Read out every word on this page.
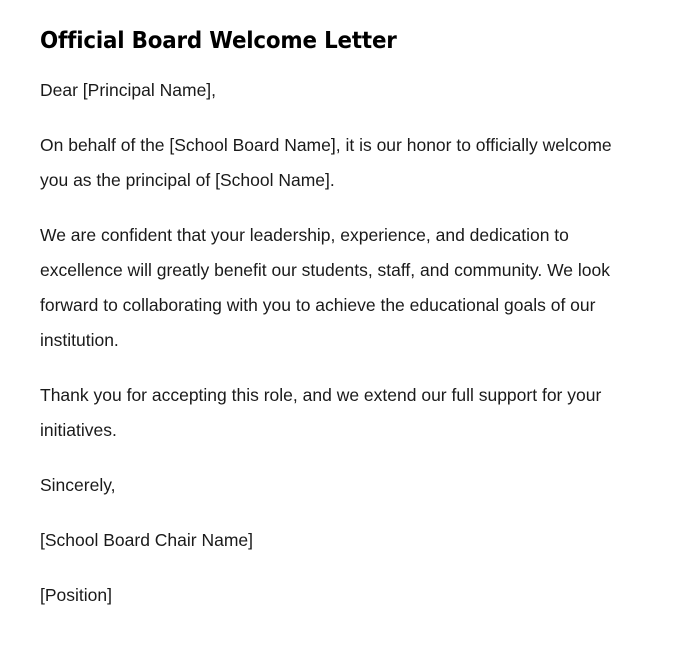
Official Board Welcome Letter

Dear [Principal Name],

On behalf of the [School Board Name], it is our honor to officially welcome you as the principal of [School Name].

We are confident that your leadership, experience, and dedication to excellence will greatly benefit our students, staff, and community. We look forward to collaborating with you to achieve the educational goals of our institution.

Thank you for accepting this role, and we extend our full support for your initiatives.

Sincerely,

[School Board Chair Name]

[Position]
